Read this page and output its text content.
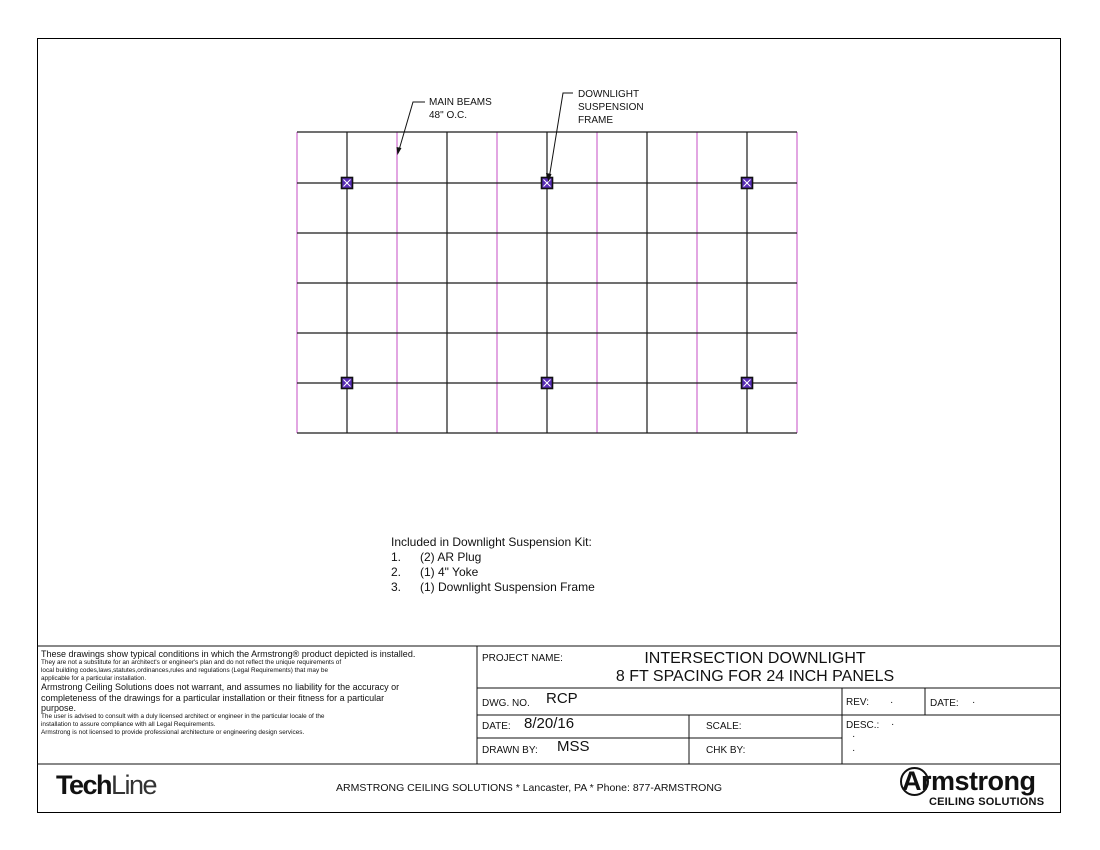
MAIN BEAMS
48" O.C.
DOWNLIGHT
SUSPENSION
FRAME
Included in Downlight Suspension Kit:
1. (2) AR Plug
2. (1) 4" Yoke
3. (1) Downlight Suspension Frame
These drawings show typical conditions in which the Armstrong® product depicted is installed.
They are not a substitute for an architect's or engineer's plan and do not reflect the unique requirements of
local building codes,laws,statutes,ordinances,rules and regulations (Legal Requirements) that may be
applicable for a particular installation.
Armstrong Ceiling Solutions does not warrant, and assumes no liability for the accuracy or
completeness of the drawings for a particular installation or their fitness for a particular
purpose.
The user is advised to consult with a duly licensed architect or engineer in the particular locale of the
installation to assure compliance with all Legal Requirements.
Armstrong is not licensed to provide professional architecture or engineering design services.
PROJECT NAME:	INTERSECTION DOWNLIGHT
8 FT SPACING FOR 24 INCH PANELS
DWG. NO. RCP	REV: ·	DATE: ·
DATE: 8/20/16	SCALE:	DESC.: ·
·
·
DRAWN BY: MSS	CHK BY:
TechLine	ARMSTRONG CEILING SOLUTIONS * Lancaster, PA * Phone: 877-ARMSTRONG	Armstrong
CEILING SOLUTIONS
